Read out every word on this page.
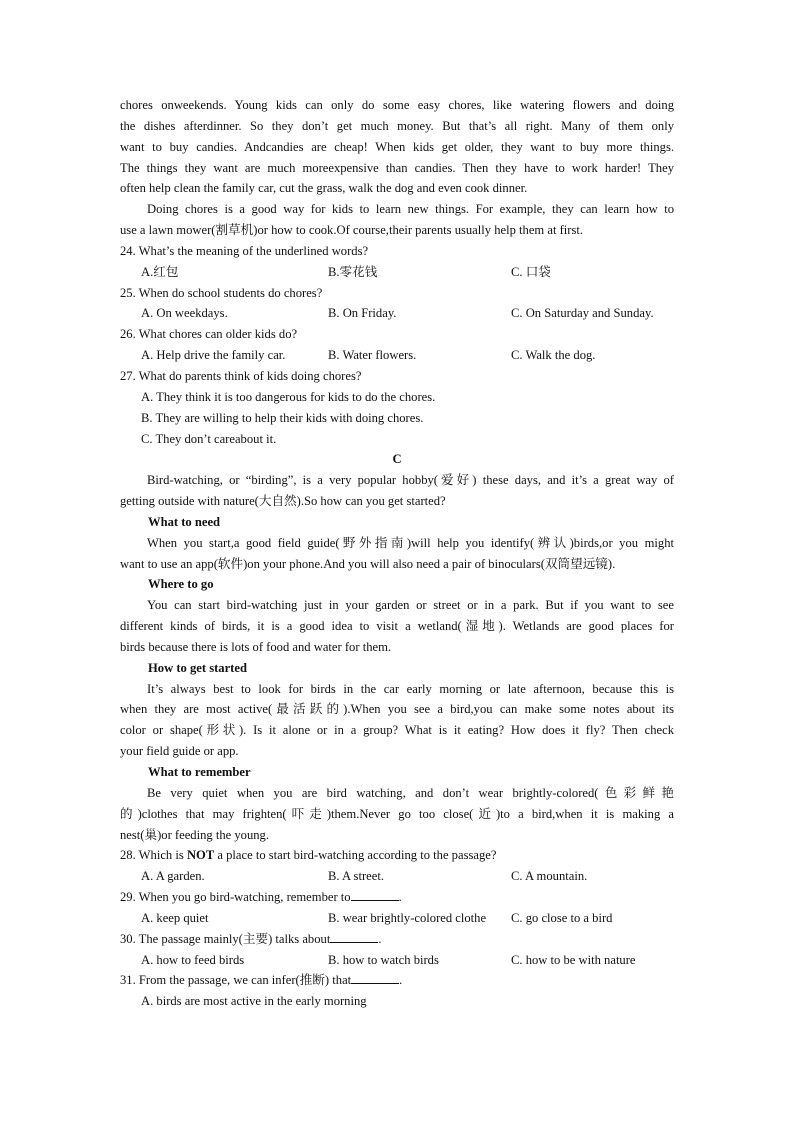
chores onweekends. Young kids can only do some easy chores, like watering flowers and doing
the dishes afterdinner. So they don’t get much money. But that’s all right. Many of them only
want to buy candies. Andcandies are cheap! When kids get older, they want to buy more things.
The things they want are much moreexpensive than candies. Then they have to work harder! They
often help clean the family car, cut the grass, walk the dog and even cook dinner.
Doing chores is a good way for kids to learn new things. For example, they can learn how to
use a lawn mower(割草机)or how to cook.Of course,their parents usually help them at first.
24. What’s the meaning of the underlined words?
A.红包	B.零花钱	C. 口袋
25. When do school students do chores?
A. On weekdays.	B. On Friday.	C. On Saturday and Sunday.
26. What chores can older kids do?
A. Help drive the family car.	B. Water flowers.	C. Walk the dog.
27. What do parents think of kids doing chores?
A. They think it is too dangerous for kids to do the chores.
B. They are willing to help their kids with doing chores.
C. They don’t careabout it.
C
Bird-watching, or “birding”, is a very popular hobby(爱好) these days, and it’s a great way of
getting outside with nature(大自然).So how can you get started?
What to need
When you start,a good field guide(野外指南)will help you identify(辨认)birds,or you might
want to use an app(软件)on your phone.And you will also need a pair of binoculars(双筒望远镜).
Where to go
You can start bird-watching just in your garden or street or in a park. But if you want to see
different kinds of birds, it is a good idea to visit a wetland(湿地). Wetlands are good places for
birds because there is lots of food and water for them.
How to get started
It’s always best to look for birds in the car early morning or late afternoon, because this is
when they are most active(最活跃的).When you see a bird,you can make some notes about its
color or shape(形状). Is it alone or in a group? What is it eating? How does it fly? Then check
your field guide or app.
What to remember
Be very quiet when you are bird watching, and don’t wear brightly-colored(色彩鲜艳
的)clothes that may frighten(吓走)them.Never go too close(近)to a bird,when it is making a
nest(巢)or feeding the young.
28. Which is NOT a place to start bird-watching according to the passage?
A. A garden.	B. A street.	C. A mountain.
29. When you go bird-watching, remember to	.
A. keep quiet	B. wear brightly-colored clothe	C. go close to a bird
30. The passage mainly(主要) talks about	.
A. how to feed birds	B. how to watch birds	C. how to be with nature
31. From the passage, we can infer(推断) that	.
A. birds are most active in the early morning
